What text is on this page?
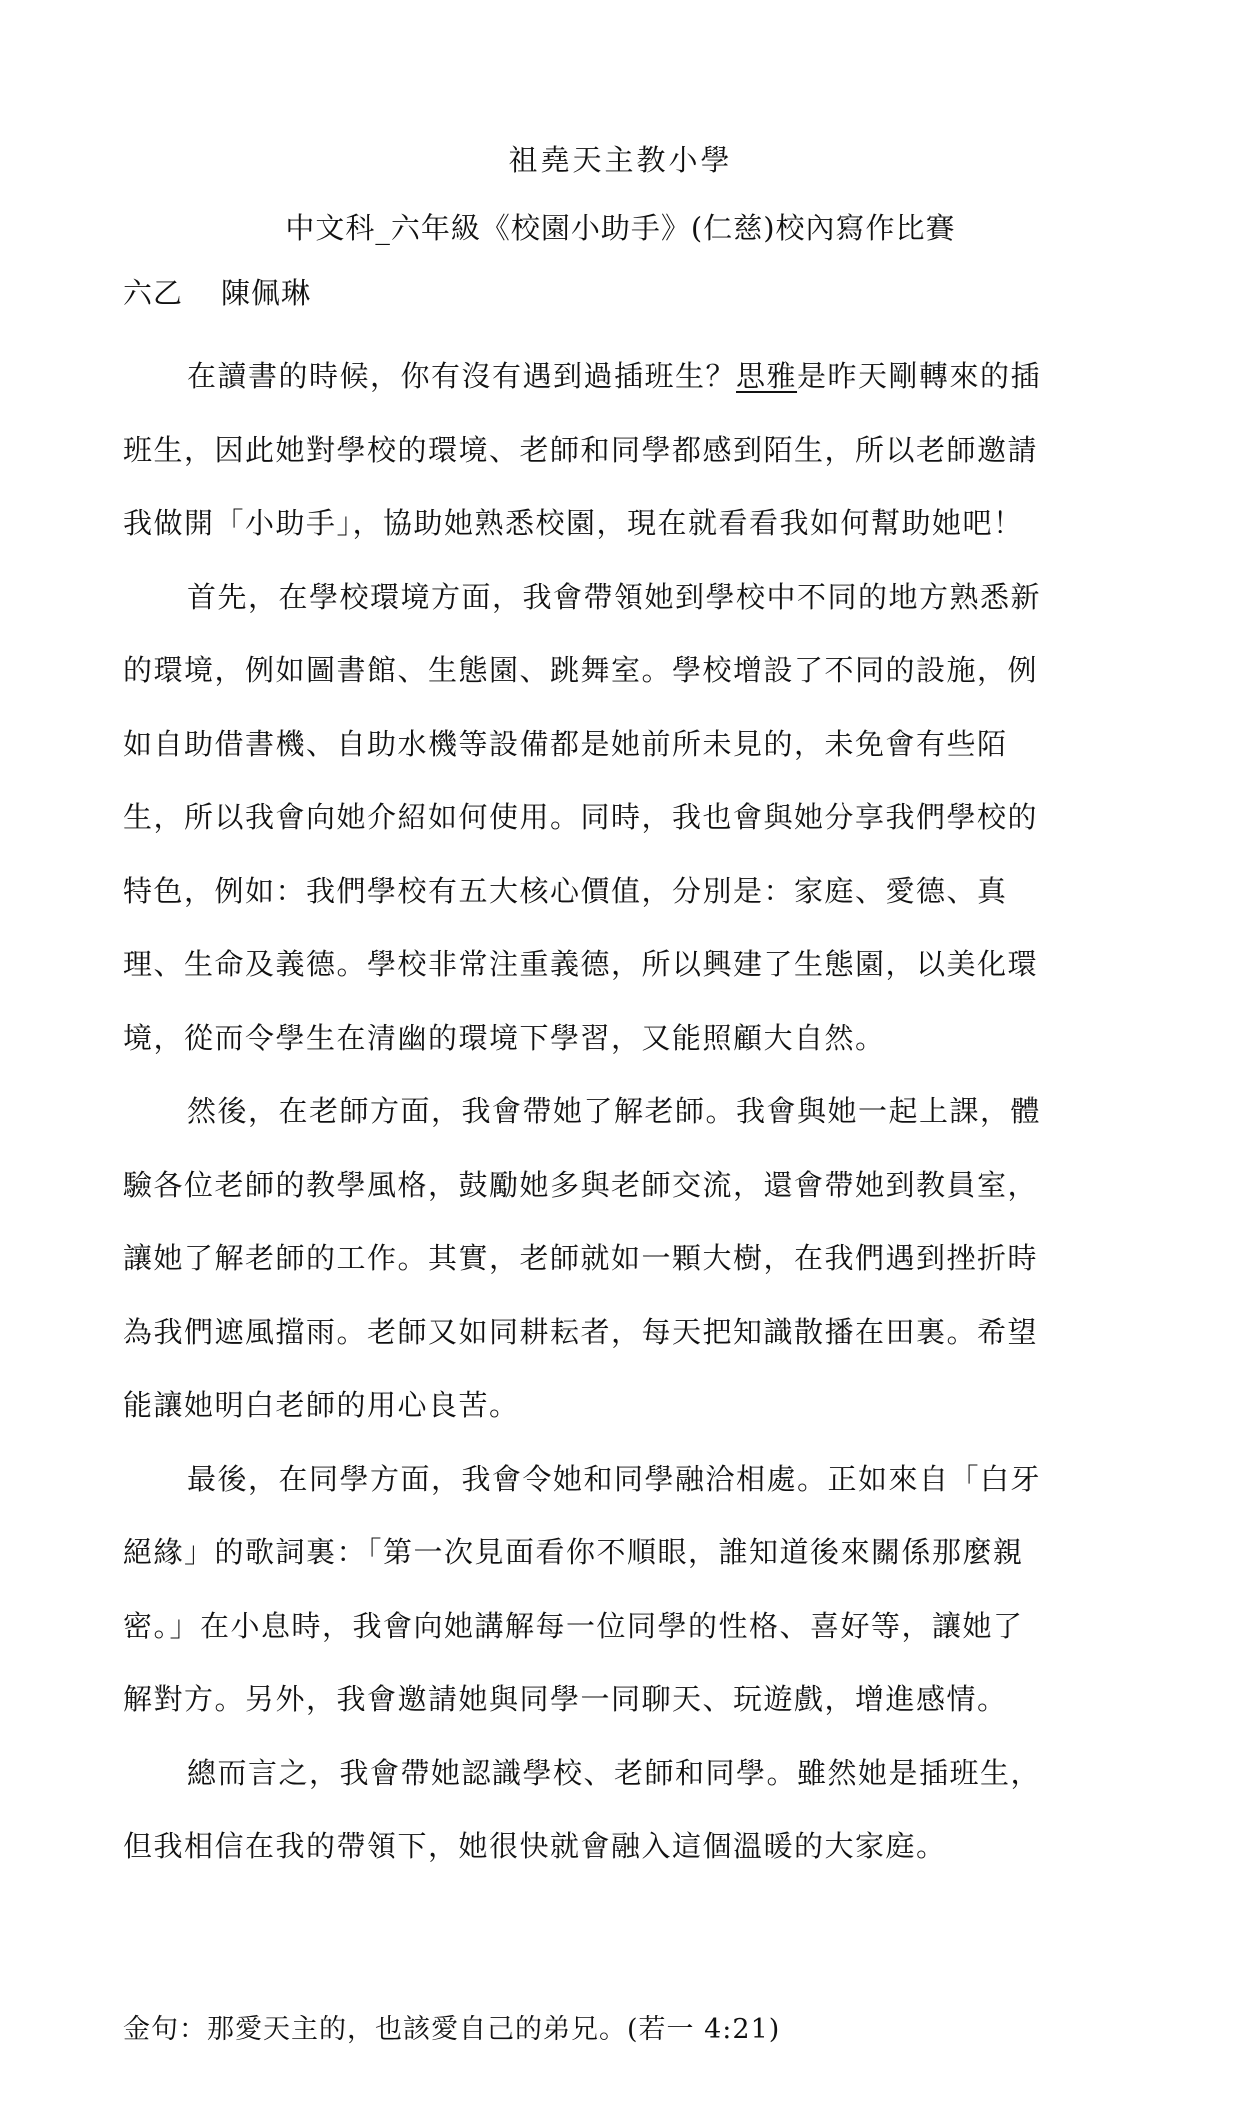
祖堯天主教小學
中文科_六年級《校園小助手》(仁慈)校內寫作比賽
六乙 陳佩琳

在讀書的時候，你有沒有遇到過插班生？思雅是昨天剛轉來的插
班生，因此她對學校的環境、老師和同學都感到陌生，所以老師邀請
我做開「小助手」，協助她熟悉校園，現在就看看我如何幫助她吧！

首先，在學校環境方面，我會帶領她到學校中不同的地方熟悉新
的環境，例如圖書館、生態園、跳舞室。學校增設了不同的設施，例
如自助借書機、自助水機等設備都是她前所未見的，未免會有些陌
生，所以我會向她介紹如何使用。同時，我也會與她分享我們學校的
特色，例如：我們學校有五大核心價值，分別是：家庭、愛德、真
理、生命及義德。學校非常注重義德，所以興建了生態園，以美化環
境，從而令學生在清幽的環境下學習，又能照顧大自然。

然後，在老師方面，我會帶她了解老師。我會與她一起上課，體
驗各位老師的教學風格，鼓勵她多與老師交流，還會帶她到教員室，
讓她了解老師的工作。其實，老師就如一顆大樹，在我們遇到挫折時
為我們遮風擋雨。老師又如同耕耘者，每天把知識散播在田裏。希望
能讓她明白老師的用心良苦。

最後，在同學方面，我會令她和同學融洽相處。正如來自「白牙
絕緣」的歌詞裏：「第一次見面看你不順眼，誰知道後來關係那麼親
密。」在小息時，我會向她講解每一位同學的性格、喜好等，讓她了
解對方。另外，我會邀請她與同學一同聊天、玩遊戲，增進感情。

總而言之，我會帶她認識學校、老師和同學。雖然她是插班生，
但我相信在我的帶領下，她很快就會融入這個溫暖的大家庭。

金句：那愛天主的，也該愛自己的弟兄。(若一 4:21)
